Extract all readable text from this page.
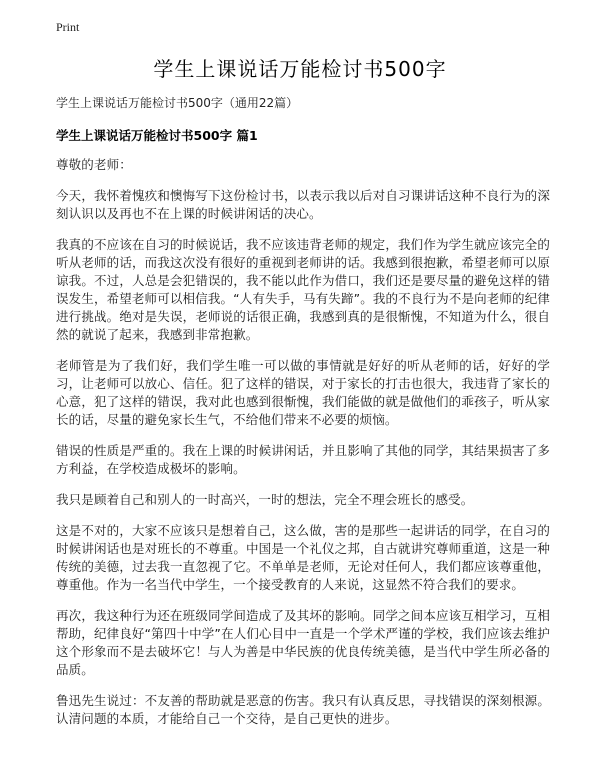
Print
学生上课说话万能检讨书500字

学生上课说话万能检讨书500字（通用22篇）

学生上课说话万能检讨书500字 篇1

尊敬的老师：

今天，我怀着愧疚和懊悔写下这份检讨书，以表示我以后对自习课讲话这种不良行为的深刻认识以及再也不在上课的时候讲闲话的决心。

我真的不应该在自习的时候说话，我不应该违背老师的规定，我们作为学生就应该完全的听从老师的话，而我这次没有很好的重视到老师讲的话。我感到很抱歉，希望老师可以原谅我。不过，人总是会犯错误的，我不能以此作为借口，我们还是要尽量的避免这样的错误发生，希望老师可以相信我。“人有失手，马有失蹄”。我的不良行为不是向老师的纪律进行挑战。绝对是失误，老师说的话很正确，我感到真的是很惭愧，不知道为什么，很自然的就说了起来，我感到非常抱歉。

老师管是为了我们好，我们学生唯一可以做的事情就是好好的听从老师的话，好好的学习，让老师可以放心、信任。犯了这样的错误，对于家长的打击也很大，我违背了家长的心意，犯了这样的错误，我对此也感到很惭愧，我们能做的就是做他们的乖孩子，听从家长的话，尽量的避免家长生气，不给他们带来不必要的烦恼。

错误的性质是严重的。我在上课的时候讲闲话，并且影响了其他的同学，其结果损害了多方利益，在学校造成极坏的影响。

我只是顾着自己和别人的一时高兴，一时的想法，完全不理会班长的感受。

这是不对的，大家不应该只是想着自己，这么做，害的是那些一起讲话的同学，在自习的时候讲闲话也是对班长的不尊重。中国是一个礼仪之邦，自古就讲究尊师重道，这是一种传统的美德，过去我一直忽视了它。不单单是老师，无论对任何人，我们都应该尊重他，尊重他。作为一名当代中学生，一个接受教育的人来说，这显然不符合我们的要求。

再次，我这种行为还在班级同学间造成了及其坏的影响。同学之间本应该互相学习，互相帮助，纪律良好“第四十中学”在人们心目中一直是一个学术严谨的学校，我们应该去维护这个形象而不是去破坏它！与人为善是中华民族的优良传统美德，是当代中学生所必备的品质。

鲁迅先生说过：不友善的帮助就是恶意的伤害。我只有认真反思，寻找错误的深刻根源。认清问题的本质，才能给自己一个交待，是自己更快的进步。
